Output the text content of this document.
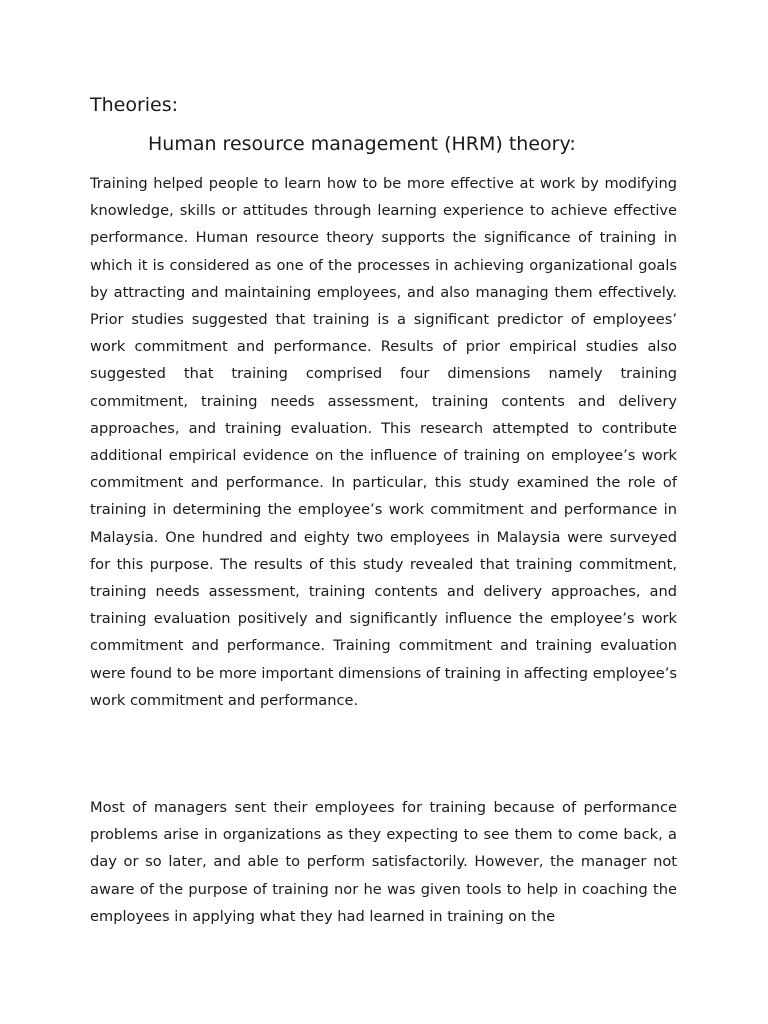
Theories:
Human resource management (HRM) theory:

Training helped people to learn how to be more effective at work by modifying knowledge, skills or attitudes through learning experience to achieve effective performance. Human resource theory supports the significance of training in which it is considered as one of the processes in achieving organizational goals by attracting and maintaining employees, and also managing them effectively. Prior studies suggested that training is a significant predictor of employees’ work commitment and performance. Results of prior empirical studies also suggested that training comprised four dimensions namely training commitment, training needs assessment, training contents and delivery approaches, and training evaluation. This research attempted to contribute additional empirical evidence on the influence of training on employee’s work commitment and performance. In particular, this study examined the role of training in determining the employee’s work commitment and performance in Malaysia. One hundred and eighty two employees in Malaysia were surveyed for this purpose. The results of this study revealed that training commitment, training needs assessment, training contents and delivery approaches, and training evaluation positively and significantly influence the employee’s work commitment and performance. Training commitment and training evaluation were found to be more important dimensions of training in affecting employee’s work commitment and performance.

Most of managers sent their employees for training because of performance problems arise in organizations as they expecting to see them to come back, a day or so later, and able to perform satisfactorily. However, the manager not aware of the purpose of training nor he was given tools to help in coaching the employees in applying what they had learned in training on the
